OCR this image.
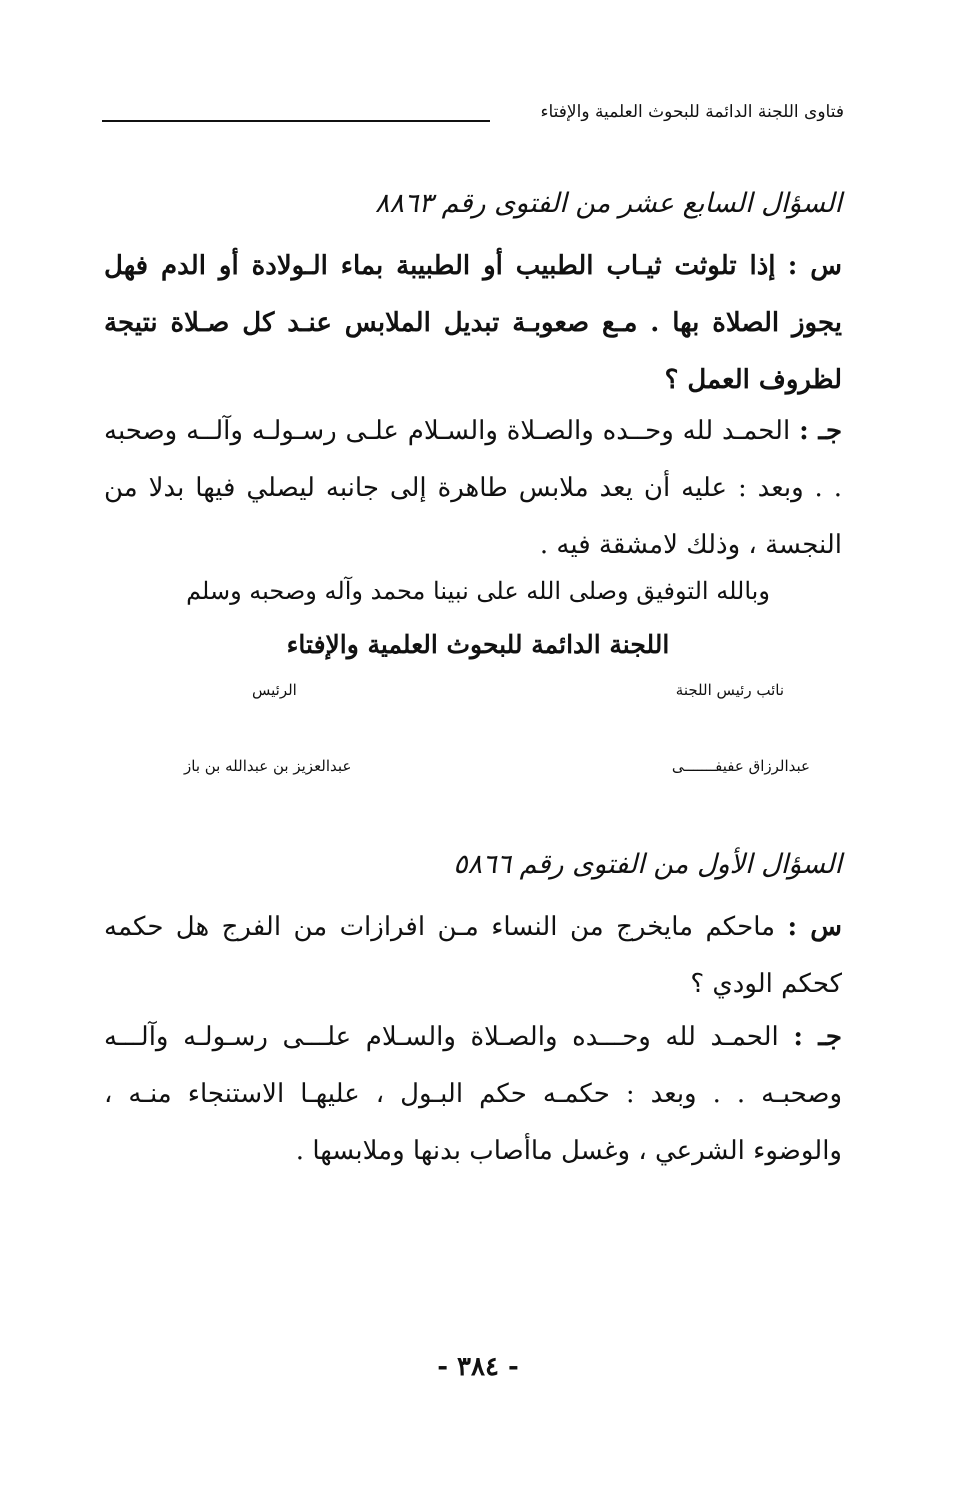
فتاوى اللجنة الدائمة للبحوث العلمية والإفتاء
السؤال السابع عشر من الفتوى رقم ٨٨٦٣
س : إذا تلوثت ثيـاب الطبيب أو الطبيبة بماء الـولادة أو الدم فهل يجوز الصلاة بها . مـع صعوبـة تبديل الملابس عنـد كل صـلاة نتيجة لظروف العمل ؟
جـ : الحمـد لله وحــده والصـلاة والسـلام علـى رسـولـه وآلــه وصحبه . . وبعد : عليه أن يعد ملابس طاهرة إلى جانبه ليصلي فيها بدلا من النجسة ، وذلك لامشقة فيه .
وبالله التوفيق وصلى الله على نبينا محمد وآله وصحبه وسلم
اللجنة الدائمة للبحوث العلمية والإفتاء
نائب رئيس اللجنة
الرئيس
عبدالرزاق عفيفـــــــى
عبدالعزيز بن عبدالله بن باز
السؤال الأول من الفتوى رقم ٥٨٦٦
س : ماحكم مايخرج من النساء مـن افرازات من الفرج هل حكمه كحكم الودي ؟
جـ : الحمـد لله وحـــده والصـلاة والسـلام علـــى رسـولـه وآلـــه وصحبـه . . وبعد : حكمـه حكم البـول ، عليهـا الاستنجاء منـه ، والوضوء الشرعي ، وغسل ماأصاب بدنها وملابسها .
- ٣٨٤ -
